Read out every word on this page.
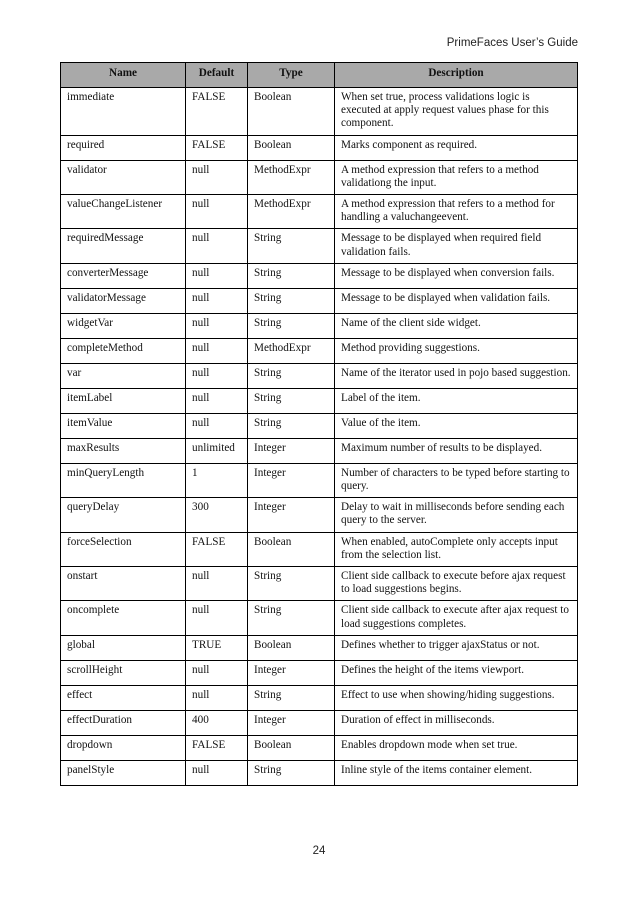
PrimeFaces User’s Guide
Name	Default	Type	Description
immediate	FALSE	Boolean	When set true, process validations logic is executed at apply request values phase for this component.
required	FALSE	Boolean	Marks component as required.
validator	null	MethodExpr	A method expression that refers to a method validationg the input.
valueChangeListener	null	MethodExpr	A method expression that refers to a method for handling a valuchangeevent.
requiredMessage	null	String	Message to be displayed when required field validation fails.
converterMessage	null	String	Message to be displayed when conversion fails.
validatorMessage	null	String	Message to be displayed when validation fails.
widgetVar	null	String	Name of the client side widget.
completeMethod	null	MethodExpr	Method providing suggestions.
var	null	String	Name of the iterator used in pojo based suggestion.
itemLabel	null	String	Label of the item.
itemValue	null	String	Value of the item.
maxResults	unlimited	Integer	Maximum number of results to be displayed.
minQueryLength	1	Integer	Number of characters to be typed before starting to query.
queryDelay	300	Integer	Delay to wait in milliseconds before sending each query to the server.
forceSelection	FALSE	Boolean	When enabled, autoComplete only accepts input from the selection list.
onstart	null	String	Client side callback to execute before ajax request to load suggestions begins.
oncomplete	null	String	Client side callback to execute after ajax request to load suggestions completes.
global	TRUE	Boolean	Defines whether to trigger ajaxStatus or not.
scrollHeight	null	Integer	Defines the height of the items viewport.
effect	null	String	Effect to use when showing/hiding suggestions.
effectDuration	400	Integer	Duration of effect in milliseconds.
dropdown	FALSE	Boolean	Enables dropdown mode when set true.
panelStyle	null	String	Inline style of the items container element.
24
